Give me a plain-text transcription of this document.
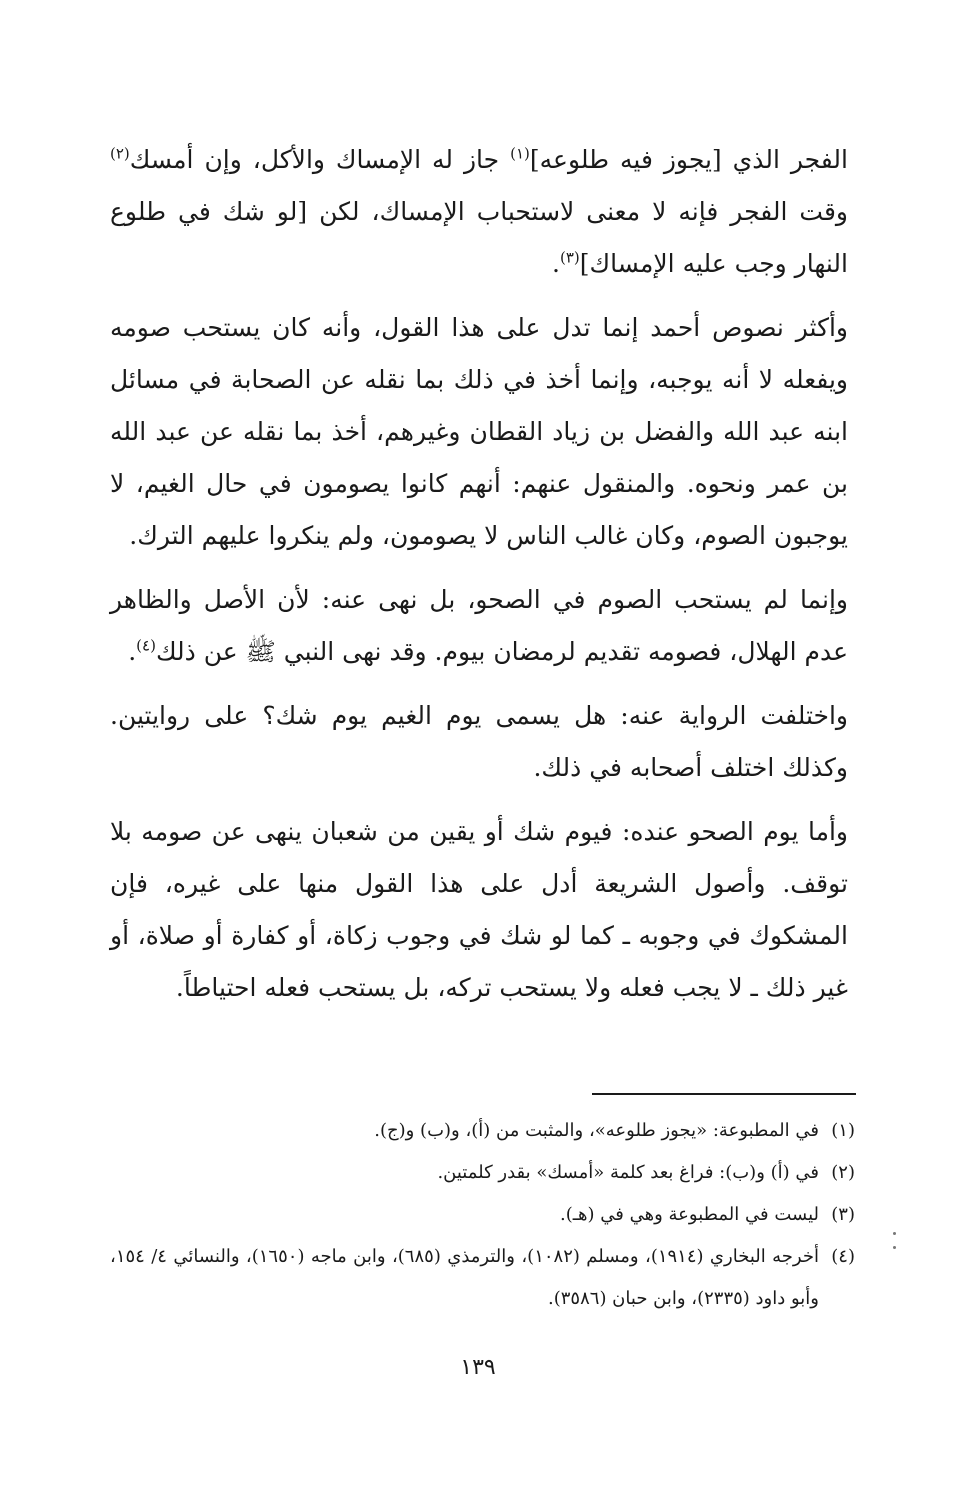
الفجر الذي [يجوز فيه طلوعه]$^{(١)}$ جاز له الإمساك والأكل، وإن أمسك$^{(٢)}$ وقت الفجر فإنه لا معنى لاستحباب الإمساك، لكن [لو شك في طلوع النهار وجب عليه الإمساك]$^{(٣)}$.

وأكثر نصوص أحمد إنما تدل على هذا القول، وأنه كان يستحب صومه ويفعله لا أنه يوجبه، وإنما أخذ في ذلك بما نقله عن الصحابة في مسائل ابنه عبد الله والفضل بن زياد القطان وغيرهم، أخذ بما نقله عن عبد الله بن عمر ونحوه. والمنقول عنهم: أنهم كانوا يصومون في حال الغيم، لا يوجبون الصوم، وكان غالب الناس لا يصومون، ولم ينكروا عليهم الترك.

وإنما لم يستحب الصوم في الصحو، بل نهى عنه: لأن الأصل والظاهر عدم الهلال، فصومه تقديم لرمضان بيوم. وقد نهى النبي ﷺ عن ذلك$^{(٤)}$.

واختلفت الرواية عنه: هل يسمى يوم الغيم يوم شك؟ على روايتين. وكذلك اختلف أصحابه في ذلك.

وأما يوم الصحو عنده: فيوم شك أو يقين من شعبان ينهى عن صومه بلا توقف. وأصول الشريعة أدل على هذا القول منها على غيره، فإن المشكوك في وجوبه ـ كما لو شك في وجوب زكاة، أو كفارة أو صلاة، أو غير ذلك ـ لا يجب فعله ولا يستحب تركه، بل يستحب فعله احتياطاً.

(١)
في المطبوعة: «يجوز طلوعه»، والمثبت من (أ)، و(ب) و(ج).
(٢)
في (أ) و(ب): فراغ بعد كلمة «أمسك» بقدر كلمتين.
(٣)
ليست في المطبوعة وهي في (هـ).
(٤)
أخرجه البخاري (١٩١٤)، ومسلم (١٠٨٢)، والترمذي (٦٨٥)، وابن ماجه (١٦٥٠)، والنسائي ٤/ ١٥٤، وأبو داود (٢٣٣٥)، وابن حبان (٣٥٨٦).
١٣٩
